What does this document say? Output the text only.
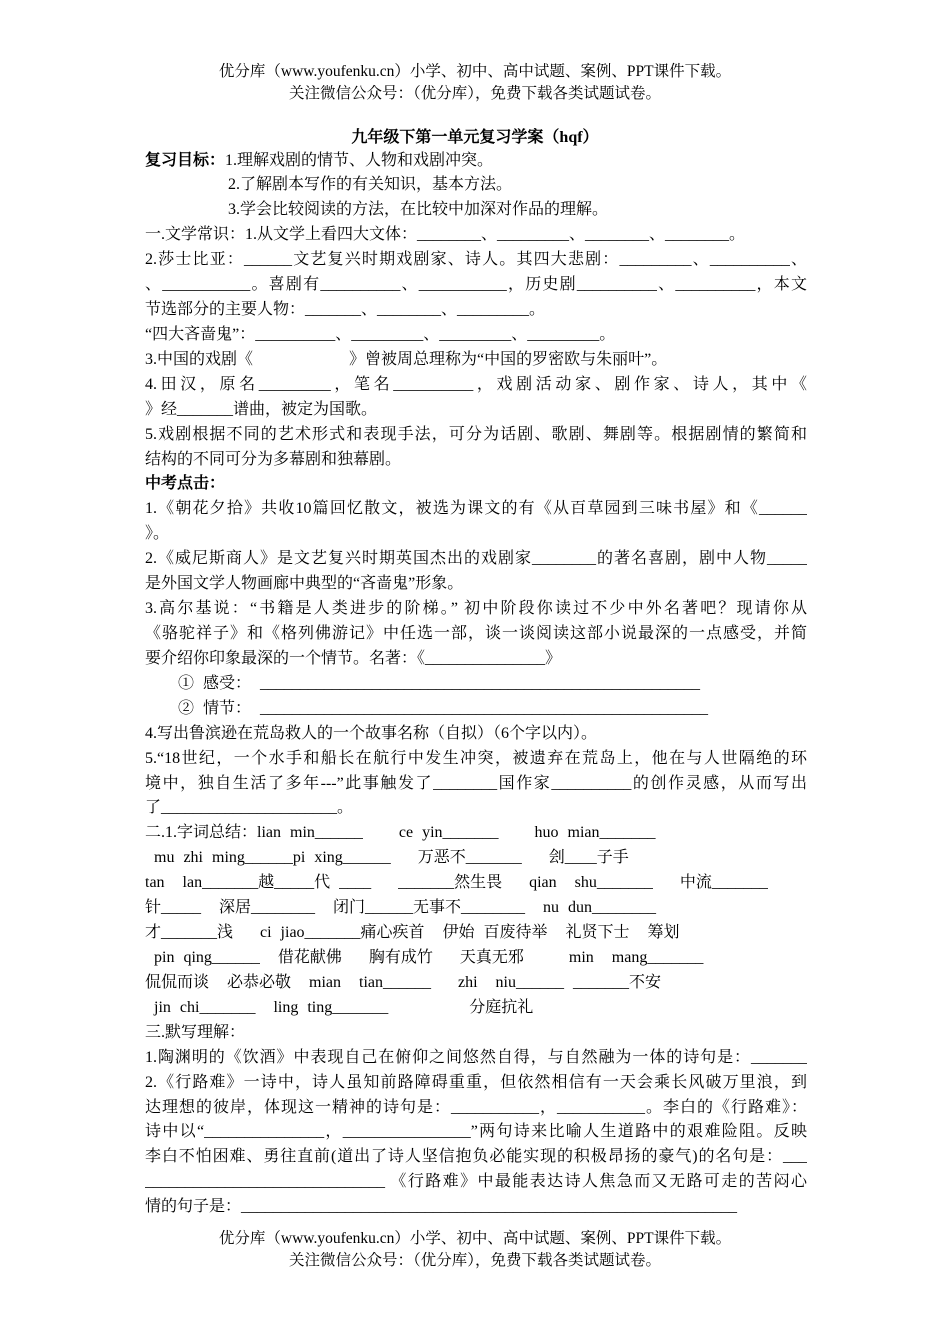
优分库（www.youfenku.cn）小学、初中、高中试题、案例、PPT课件下载。
关注微信公众号：（优分库），免费下载各类试题试卷。
九年级下第一单元复习学案（hqf）
复习目标：1.理解戏剧的情节、人物和戏剧冲突。
2.了解剧本写作的有关知识，基本方法。
3.学会比较阅读的方法，在比较中加深对作品的理解。
一.文学常识：1.从文学上看四大文体：________、_________、________、________。
2.莎士比亚：______文艺复兴时期戏剧家、诗人。其四大悲剧：_________、__________、
、___________。喜剧有__________、___________，历史剧__________、__________，本文
节选部分的主要人物：_______、________、_________。
“四大吝啬鬼”：__________、_________、_________、_________。
3.中国的戏剧《　　　　　　》曾被周总理称为“中国的罗密欧与朱丽叶”。
4.田汉，原名_________，笔名__________，戏剧活动家、剧作家、诗人，其中《
》经_______谱曲，被定为国歌。
5.戏剧根据不同的艺术形式和表现手法，可分为话剧、歌剧、舞剧等。根据剧情的繁简和
结构的不同可分为多幕剧和独幕剧。
中考点击：
1.《朝花夕拾》共收10篇回忆散文，被选为课文的有《从百草园到三味书屋》和《______
》。
2.《威尼斯商人》是文艺复兴时期英国杰出的戏剧家________的著名喜剧，剧中人物_____
是外国文学人物画廊中典型的“吝啬鬼”形象。
3.高尔基说：“书籍是人类进步的阶梯。” 初中阶段你读过不少中外名著吧？现请你从
《骆驼祥子》和《格列佛游记》中任选一部，谈一谈阅读这部小说最深的一点感受，并简
要介绍你印象最深的一个情节。名著：《_______________》
① 感受： _______________________________________________________
② 情节： ________________________________________________________
4.写出鲁滨逊在荒岛救人的一个故事名称（自拟）（6个字以内）。
5.“18世纪，一个水手和船长在航行中发生冲突，被遗弃在荒岛上，他在与人世隔绝的环
境中，独自生活了多年---”此事触发了________国作家__________的创作灵感，从而写出
了______________________。
二.1.字词总结：lian min______    ce yin_______    huo mian_______
mu zhi ming______pi xing______   万恶不_______   刽____子手
tan  lan_______越_____代 ____   _______然生畏   qian  shu_______   中流_______
针_____  深居________  闭门______无事不________  nu dun________
才_______浅   ci jiao_______痛心疾首  伊始 百废待举  礼贤下士  筹划
pin qing______  借花献佛   胸有成竹   天真无邪     min  mang_______
侃侃而谈  必恭必敬  mian  tian______   zhi  niu______ _______不安
jin chi_______  ling ting_______         分庭抗礼
三.默写理解：
1.陶渊明的《饮酒》中表现自己在俯仰之间悠然自得，与自然融为一体的诗句是：_______
2.《行路难》一诗中，诗人虽知前路障碍重重，但依然相信有一天会乘长风破万里浪，到
达理想的彼岸，体现这一精神的诗句是：___________，___________。李白的《行路难》：
诗中以“_______________，________________”两句诗来比喻人生道路中的艰难险阻。反映
李白不怕困难、勇往直前(道出了诗人坚信抱负必能实现的积极昂扬的豪气)的名句是：___
______________________________ 《行路难》中最能表达诗人焦急而又无路可走的苦闷心
情的句子是：______________________________________________________________
优分库（www.youfenku.cn）小学、初中、高中试题、案例、PPT课件下载。
关注微信公众号：（优分库），免费下载各类试题试卷。
